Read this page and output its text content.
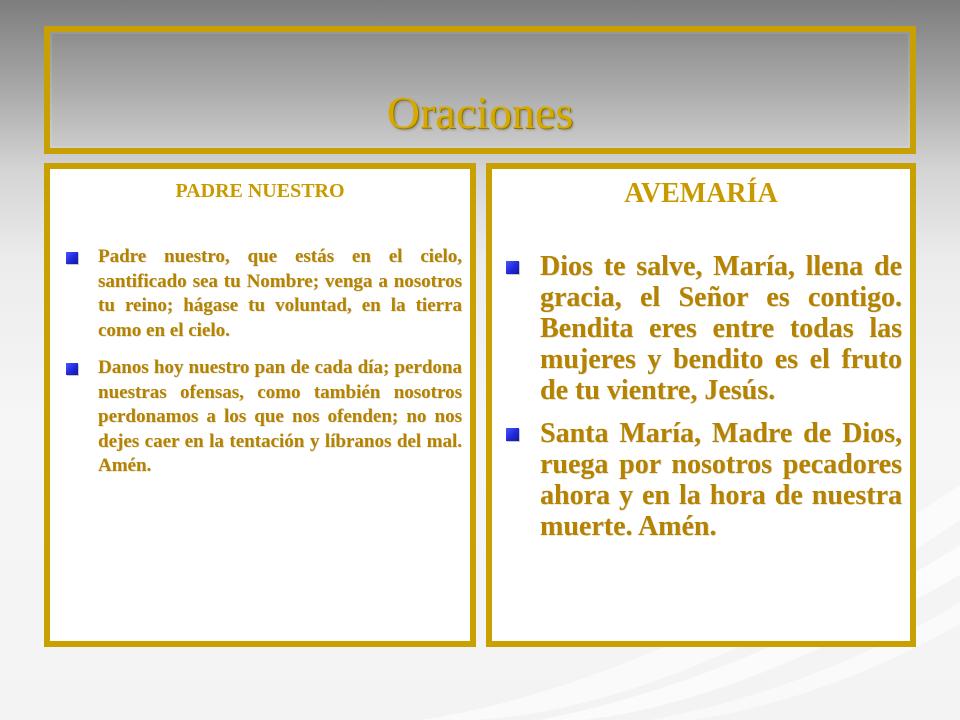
Oraciones
PADRE NUESTRO
Padre nuestro, que estás en el cielo, santificado sea tu Nombre; venga a nosotros tu reino; hágase tu voluntad, en la tierra como en el cielo.
Danos hoy nuestro pan de cada día; perdona nuestras ofensas, como también nosotros perdonamos a los que nos ofenden; no nos dejes caer en la tentación y líbranos del mal. Amén.
AVEMARÍA
Dios te salve, María, llena de gracia, el Señor es contigo. Bendita eres entre todas las mujeres y bendito es el fruto de tu vientre, Jesús.
Santa María, Madre de Dios, ruega por nosotros pecadores ahora y en la hora de nuestra muerte. Amén.
